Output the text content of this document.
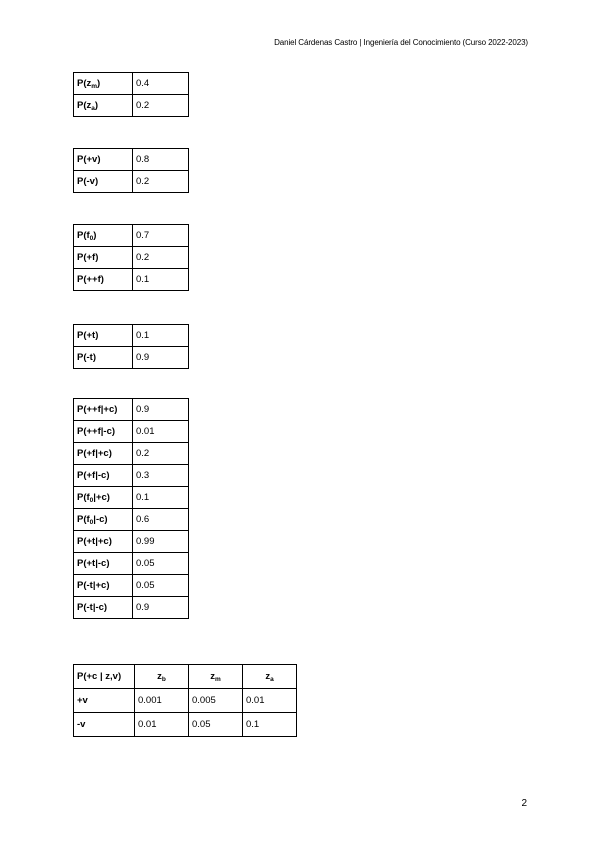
Daniel Cárdenas Castro | Ingeniería del Conocimiento (Curso 2022-2023)
$P(z_m)$	0.4
$P(z_a)$	0.2
P(+v)	0.8
P(-v)	0.2
$P(f_0)$	0.7
P(+f)	0.2
P(++f)	0.1
P(+t)	0.1
P(-t)	0.9
P(++f|+c)	0.9
P(++f|-c)	0.01
P(+f|+c)	0.2
P(+f|-c)	0.3
$P(f_0|+c)$	0.1
$P(f_0|-c)$	0.6
P(+t|+c)	0.99
P(+t|-c)	0.05
P(-t|+c)	0.05
P(-t|-c)	0.9
P(+c | z,v)	$z_b$	$z_m$	$z_a$
+v	0.001	0.005	0.01
-v	0.01	0.05	0.1
2
